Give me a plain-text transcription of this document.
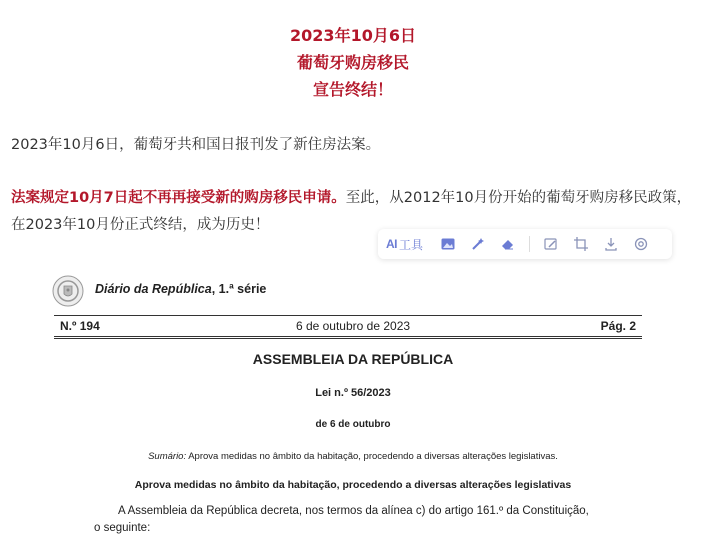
2023年10月6日
葡萄牙购房移民
宣告终结！
2023年10月6日，葡萄牙共和国日报刊发了新住房法案。
法案规定10月7日起不再再接受新的购房移民申请。至此，从2012年10月份开始的葡萄牙购房移民政策，在2023年10月份正式终结，成为历史！
AI 工具
Diário da República, 1.ª série
N.º 194	6 de outubro de 2023	Pág. 2
ASSEMBLEIA DA REPÚBLICA
Lei n.º 56/2023
de 6 de outubro
Sumário: Aprova medidas no âmbito da habitação, procedendo a diversas alterações legislativas.
Aprova medidas no âmbito da habitação, procedendo a diversas alterações legislativas
A Assembleia da República decreta, nos termos da alínea c) do artigo 161.º da Constituição,
o seguinte:
